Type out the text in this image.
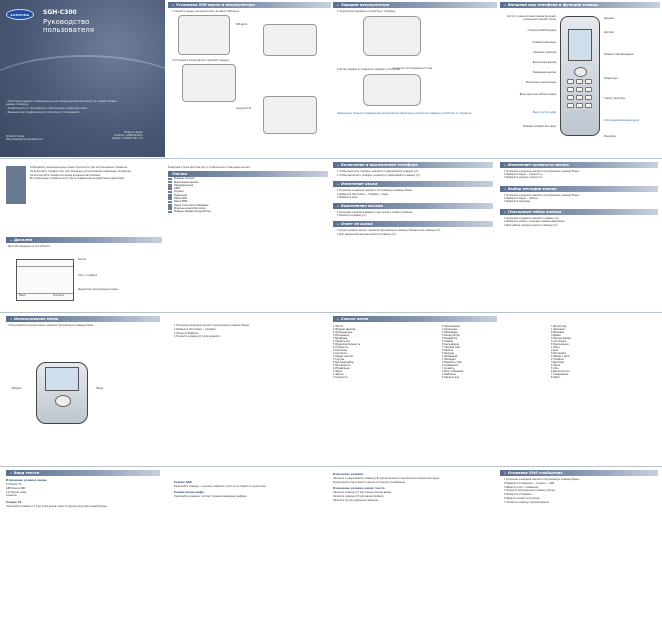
SAMSUNG SGH-C300
Руководство
пользователя

• Некоторые сведения, приведенные в настоящем руководстве, могут не соответствовать вашему телефону.

• В зависимости от программного обеспечения и оператора связи.

• Внешний вид телефона может отличаться от показанного.

Printed in Korea
http://www.samsungmobile.com
Printed in Korea
Code No.: GH68-XXXXXA
Russian. 11/2006. Rev. 1.0
» Установка SIM-карты и аккумулятора
1 Снимите крышку аккумулятора и вставьте SIM-карту.
SIM-карта
2 Установите аккумулятор и закройте крышку.
Аккумулятор
» Зарядка аккумулятора
1 Подключите зарядное устройство к телефону.
К розетке сети переменного тока
2 После зарядки отсоедините зарядное устройство.
Примечание. Перед отсоединением аккумулятора обязательно отключите зарядное устройство от телефона.
» Внешний вид телефона и функции клавиш
Доступ к меню или выполнение функций, указанных в нижней строке
Открытие WAP-браузера
Клавиши навигации
Удаление символов
Выполнение вызова
Завершение вызова
Включение и выключение
Ввод паузы при наборе номера
Ввод текста и цифр
Клавиша профиля без звука
Динамик
Дисплей
Клавиша подтверждения
Клавиатура
Гнездо гарнитуры
Отключение/включение звука
Микрофон

Соблюдайте указанные меры предосторожности при использовании телефона.

Не включайте телефон там, где запрещено использование мобильных телефонов.

Не используйте телефон во время вождения автомобиля.

Все мобильные телефоны могут быть подвержены воздействию радиопомех.

» Дисплей
Дисплей разделен на три области.
Меню	Контакты
Значки
Текст и графика
Индикаторы программных клавиш
В верхней строке дисплея могут отображаться следующие значки.
Значки
Уровень сигнала
Выполнение вызова
Переадресация
GPRS
Роуминг
Будильник
Новое SMS
Новое MMS
Новое голосовое сообщение
Включен режим без звука
Уровень заряда аккумулятора
» Включение и выключение телефона
1 Чтобы включить телефон, нажмите и удерживайте клавишу [⏻].
2 Чтобы выключить телефон, нажмите и удерживайте клавишу [⏻].
» Изменение языка
1 В режиме ожидания нажмите программную клавишу Меню.
2 Выберите Настройки → Телефон → Язык.
3 Выберите язык.
» Выполнение вызова
1 В режиме ожидания введите код города и номер телефона.
2 Нажмите клавишу [✆].
» Ответ на вызов
1 Когда телефон звонит, нажмите программную клавишу Принять или клавишу [✆].
2 Для завершения вызова нажмите клавишу [⏻].
» Изменение громкости звонка
1 В режиме ожидания нажмите программную клавишу Меню.
2 Выберите Звуки → Громкость.
3 Выберите уровень громкости.
» Выбор мелодии звонка
1 В режиме ожидания нажмите программную клавишу Меню.
2 Выберите Звуки → Звонок.
3 Выберите мелодию.
» Повторный набор номера
1 В режиме ожидания нажмите клавишу [✆].
2 Выберите номер с помощью клавиш вверх/вниз.
3 Для набора номера нажмите клавишу [✆].
» Использование меню
Чтобы перейти в режим меню, нажмите программную клавишу Меню.
Выбрать	Назад

1 В режиме ожидания нажмите программную клавишу Меню.

2 Выберите Настройки → Телефон.

3 Нажмите Выбрать.

4 Нажмите клавишу [C] для возврата.

» Список меню
1 SIM AT
2 Журнал звонков
1 Пропущенные
2 Исходящие
3 Входящие
4 Удалить все
5 Продолжительность
6 Стоимость
3 Контакты
1 Контакты
2 Новый контакт
3 Группы
4 Быстрый набор
5 Моя визитка
6 Управление
4 Звуки
1 Звонок
2 Громкость
4 Приложения
1 Будильник
2 Календарь
3 Калькулятор
4 Конвертер
5 Таймер
6 Секундомер
7 Часовой пояс
8 Память
5 Браузер
1 Домашний
2 Закладки
3 Перейти к URL
6 Сообщения
1 Создать
2 Мои сообщения
3 Шаблоны
4 Удалить все
7 Диспетчер
1 Картинки
2 Мелодии
3 Видео
4 Прочие файлы
5 Состояние
8 Приложения
1 Игры
2 Java
9 Настройки
1 Время и дата
2 Телефон
3 Дисплей
4 Звуки
5 Сеть
6 Безопасность
7 Соединение
8 Сброс
» Ввод текста
Изменение режима ввода

T9 Режим T9

АБВ Режим АБВ

123 Режим цифр

Символы

Режим T9
Нажимайте клавиши от 2 до 9 для ввода слова по одному разу для каждой буквы.
Режим АБВ
Нажимайте клавишу с нужным символом, пока он не появится на дисплее.
Режим ввода цифр
Нажимайте клавиши, соответствующие вводимым цифрам.
Изменение режима

Нажмите и удерживайте клавишу [#] для включения и выключения режима без звука.

В режиме без звука вместо звонка используется вибрация.

Изменение режима ввода текста

Нажмите клавишу [*] для смены режима ввода.

Нажмите клавишу [0] для ввода пробела.

Нажмите [C] для удаления символов.

» Отправка SMS-сообщения

1 В режиме ожидания нажмите программную клавишу Меню.

2 Выберите Сообщения → Создать → SMS.

3 Введите текст сообщения.

4 Нажмите программную клавишу Опции.

5 Выберите Отправить.

6 Введите номер получателя.

7 Нажмите клавишу подтверждения.
